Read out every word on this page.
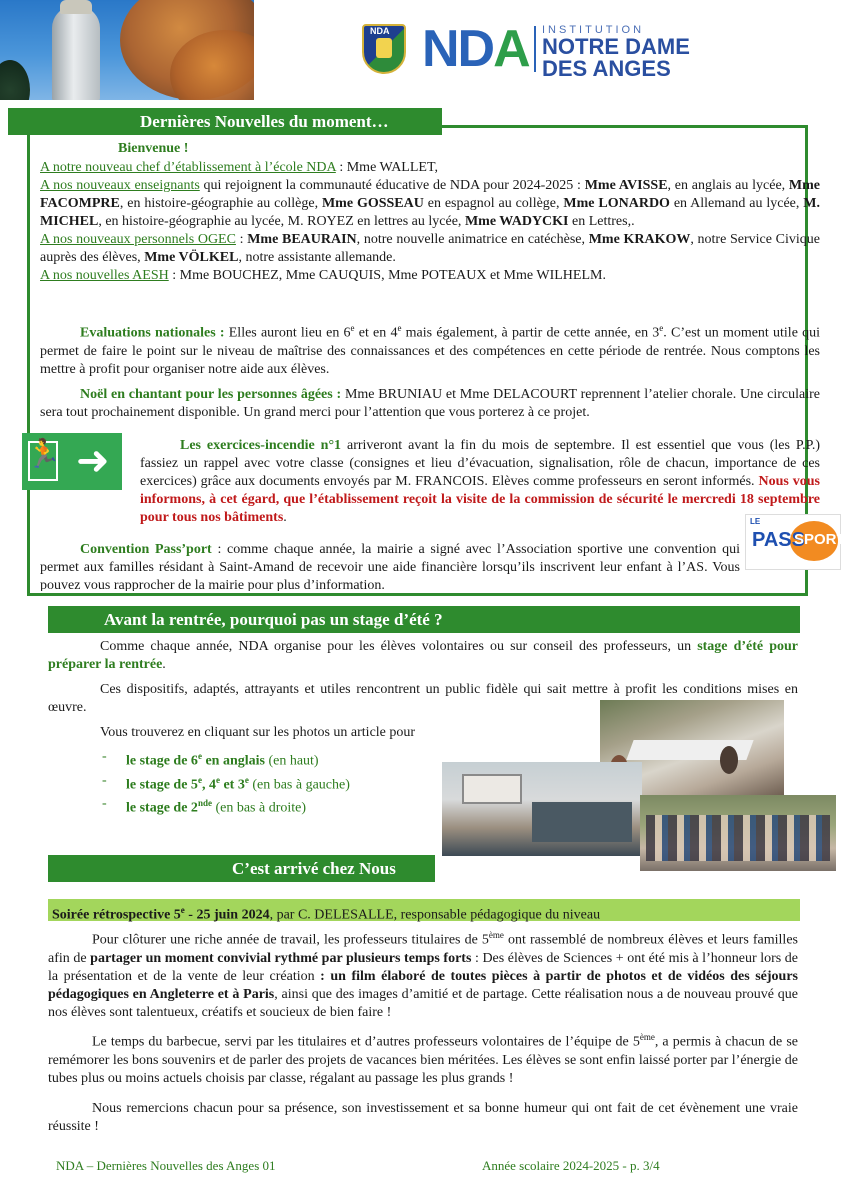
NDA NDA INSTITUTION
NOTRE DAME
DES ANGES
Dernières Nouvelles du moment…
Bienvenue !
A notre nouveau chef d’établissement à l’école NDA : Mme WALLET,
A nos nouveaux enseignants qui rejoignent la communauté éducative de NDA pour 2024-2025 : Mme AVISSE, en anglais au lycée, Mme FACOMPRE, en histoire-géographie au collège, Mme GOSSEAU en espagnol au collège, Mme LONARDO en Allemand au lycée, M. MICHEL, en histoire-géographie au lycée, M. ROYEZ en lettres au lycée, Mme WADYCKI en Lettres,.
A nos nouveaux personnels OGEC : Mme BEAURAIN, notre nouvelle animatrice en catéchèse, Mme KRAKOW, notre Service Civique auprès des élèves, Mme VÖLKEL, notre assistante allemande.
A nos nouvelles AESH : Mme BOUCHEZ, Mme CAUQUIS, Mme POTEAUX et Mme WILHELM.
Evaluations nationales : Elles auront lieu en 6e et en 4e mais également, à partir de cette année, en 3e. C’est un moment utile qui permet de faire le point sur le niveau de maîtrise des connaissances et des compétences en cette période de rentrée. Nous comptons les mettre à profit pour organiser notre aide aux élèves.
Noël en chantant pour les personnes âgées : Mme BRUNIAU et Mme DELACOURT reprennent l’atelier chorale. Une circulaire sera tout prochainement disponible. Un grand merci pour l’attention que vous porterez à ce projet.
🏃 ➜	Les exercices-incendie n°1 arriveront avant la fin du mois de septembre. Il est essentiel que vous (les P.P.) fassiez un rappel avec votre classe (consignes et lieu d’évacuation, signalisation, rôle de chacun, importance de ces exercices) grâce aux documents envoyés par M. FRANCOIS. Elèves comme professeurs en seront informés. Nous vous informons, à cet égard, que l’établissement reçoit la visite de la commission de sécurité le mercredi 18 septembre pour tous nos bâtiments.	LE
PASS
SPORT
Convention Pass’port : comme chaque année, la mairie a signé avec l’Association sportive une convention qui permet aux familles résidant à Saint-Amand de recevoir une aide financière lorsqu’ils inscrivent leur enfant à l’AS. Vous pouvez vous rapprocher de la mairie pour plus d’information.
Avant la rentrée, pourquoi pas un stage d’été ?
Comme chaque année, NDA organise pour les élèves volontaires ou sur conseil des professeurs, un stage d’été pour préparer la rentrée.
Ces dispositifs, adaptés, attrayants et utiles rencontrent un public fidèle qui sait mettre à profit les conditions mises en œuvre.
Vous trouverez en cliquant sur les photos un article pour
- le stage de 6e en anglais (en haut)
- le stage de 5e, 4e et 3e (en bas à gauche)
- le stage de 2nde (en bas à droite)
C’est arrivé chez Nous
Soirée rétrospective 5e - 25 juin 2024, par C. DELESALLE, responsable pédagogique du niveau
Pour clôturer une riche année de travail, les professeurs titulaires de 5ème ont rassemblé de nombreux élèves et leurs familles afin de partager un moment convivial rythmé par plusieurs temps forts : Des élèves de Sciences + ont été mis à l’honneur lors de la présentation et de la vente de leur création : un film élaboré de toutes pièces à partir de photos et de vidéos des séjours pédagogiques en Angleterre et à Paris, ainsi que des images d’amitié et de partage. Cette réalisation nous a de nouveau prouvé que nos élèves sont talentueux, créatifs et soucieux de bien faire !
Le temps du barbecue, servi par les titulaires et d’autres professeurs volontaires de l’équipe de 5ème, a permis à chacun de se remémorer les bons souvenirs et de parler des projets de vacances bien méritées. Les élèves se sont enfin laissé porter par l’énergie de tubes plus ou moins actuels choisis par classe, régalant au passage les plus grands !
Nous remercions chacun pour sa présence, son investissement et sa bonne humeur qui ont fait de cet évènement une vraie réussite !
NDA – Dernières Nouvelles des Anges 01	Année scolaire 2024-2025 - p. 3/4
